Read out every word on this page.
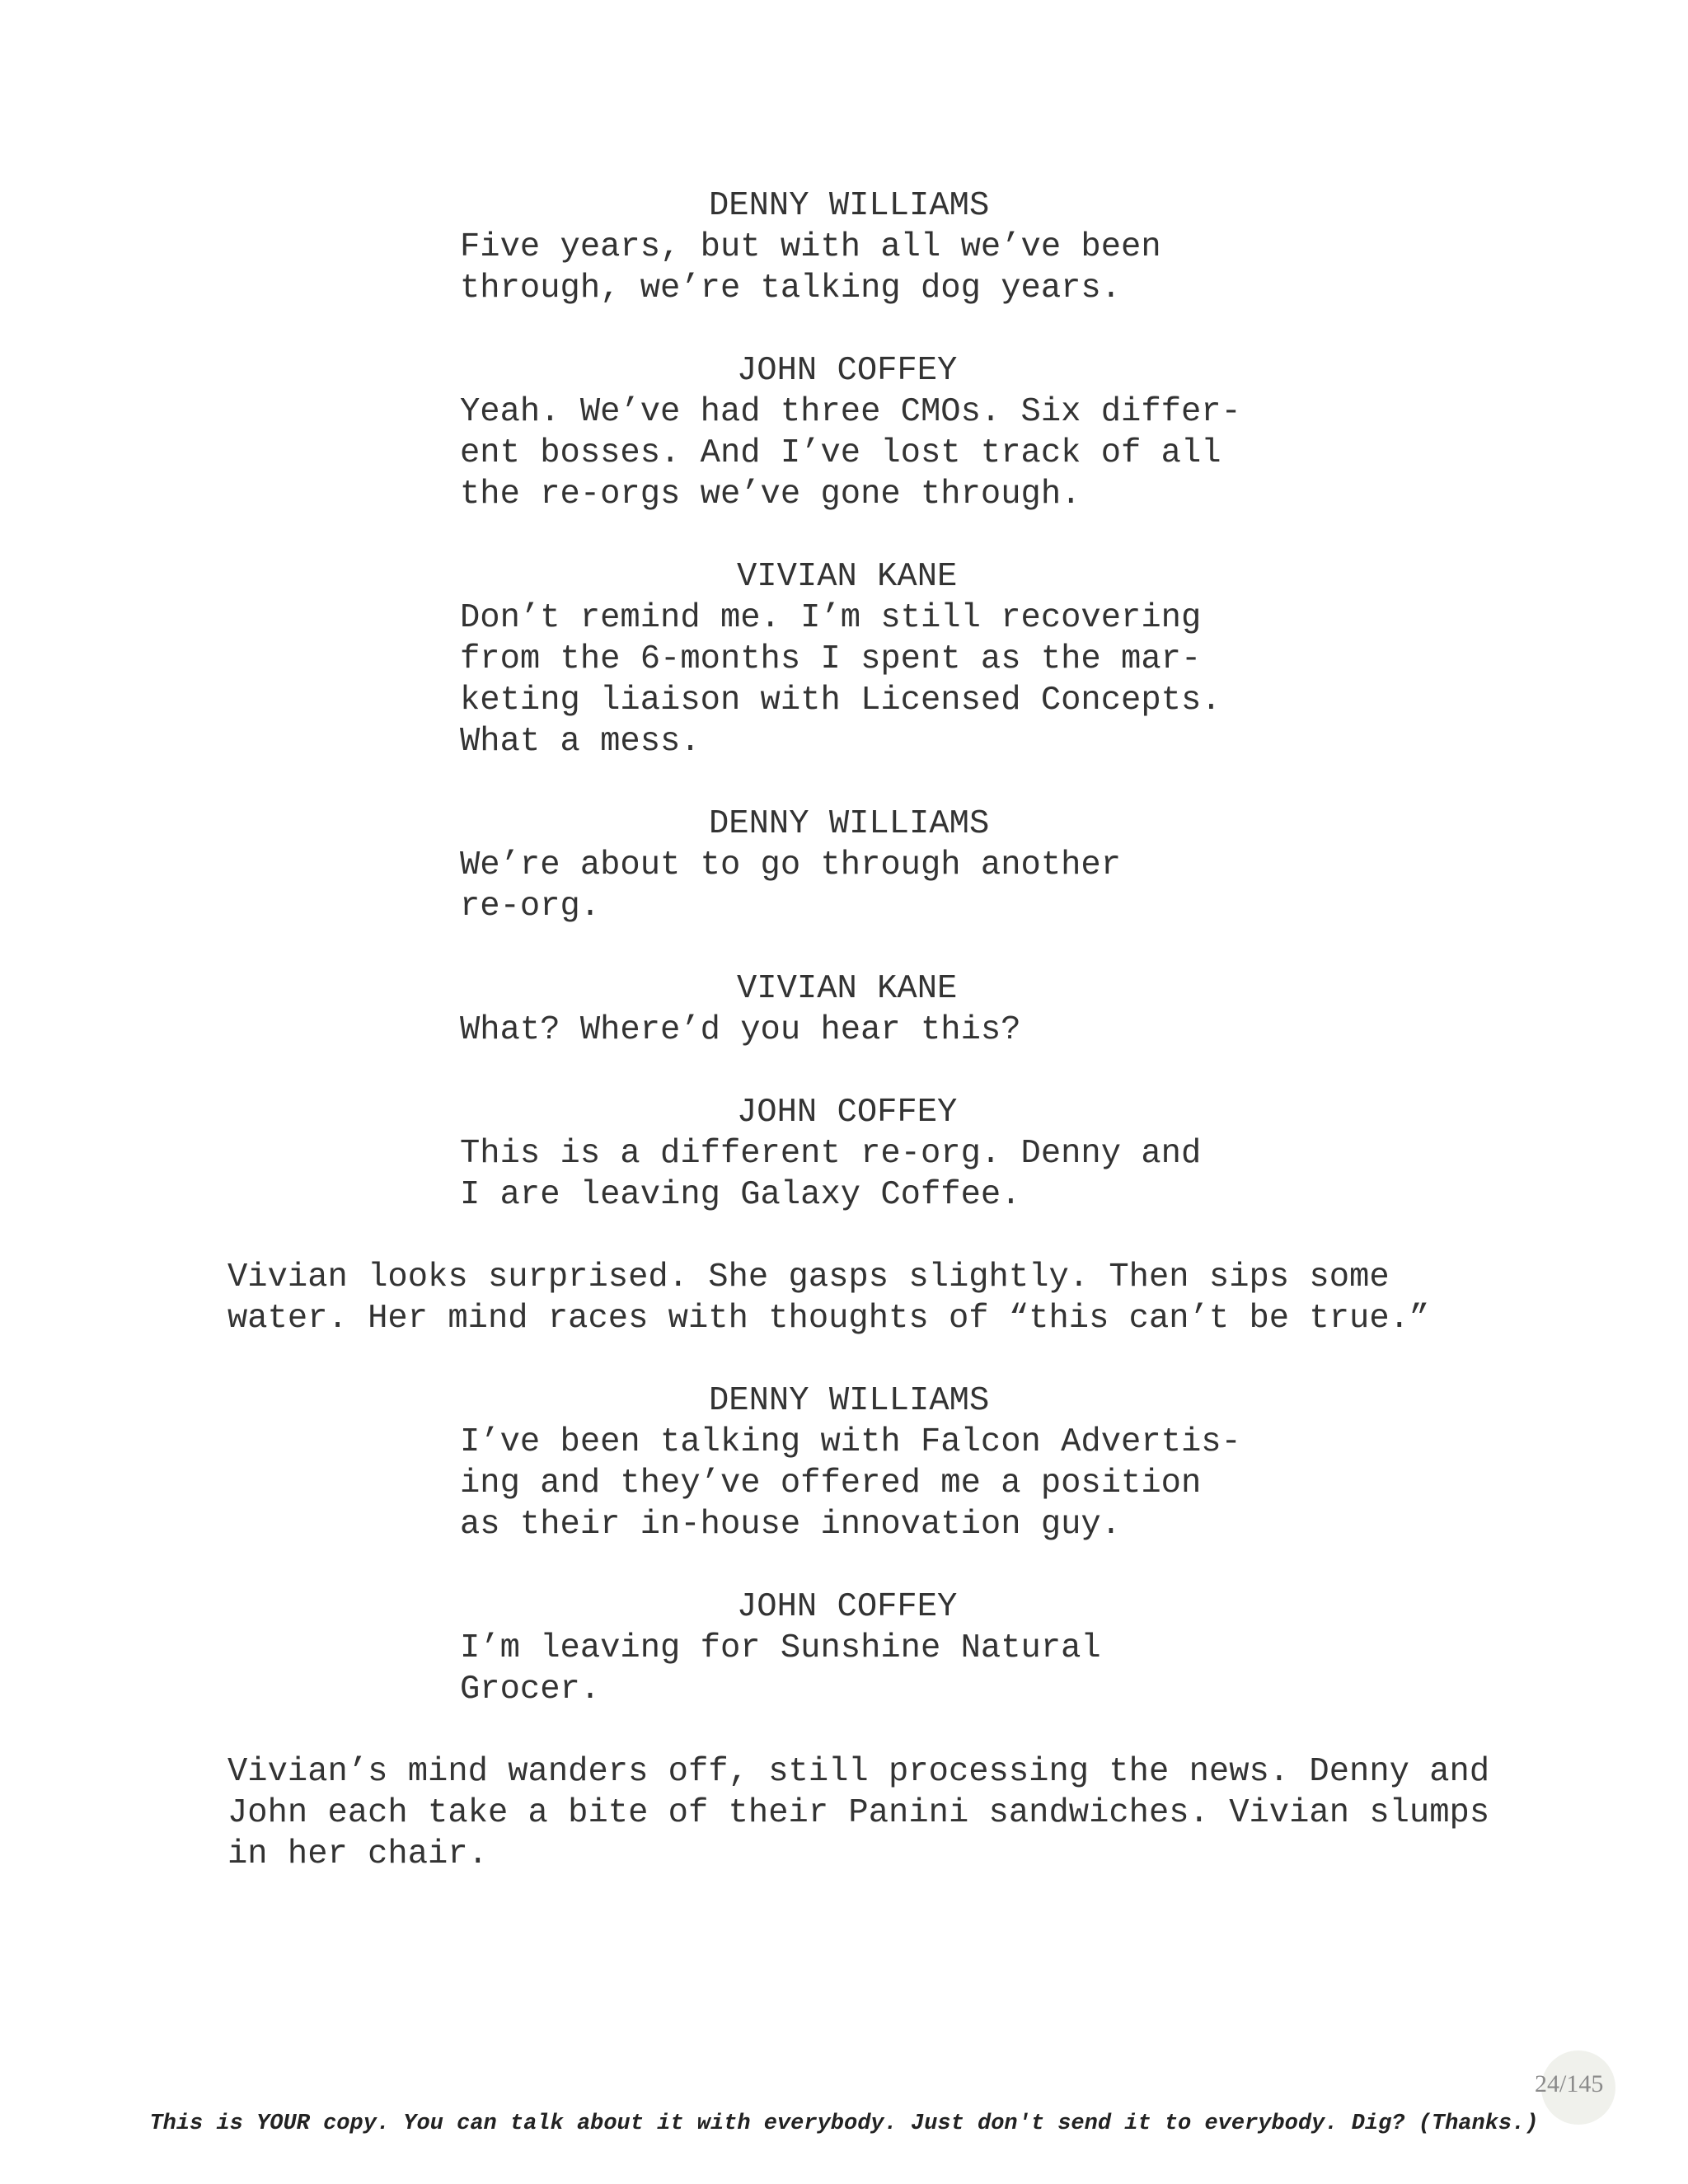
DENNY WILLIAMS
Five years, but with all we’ve been
through, we’re talking dog years.
JOHN COFFEY
Yeah. We’ve had three CMOs. Six differ-
ent bosses. And I’ve lost track of all
the re-orgs we’ve gone through.
VIVIAN KANE
Don’t remind me. I’m still recovering
from the 6-months I spent as the mar-
keting liaison with Licensed Concepts.
What a mess.
DENNY WILLIAMS
We’re about to go through another
re-org.
VIVIAN KANE
What? Where’d you hear this?
JOHN COFFEY
This is a different re-org. Denny and
I are leaving Galaxy Coffee.
Vivian looks surprised. She gasps slightly. Then sips some
water. Her mind races with thoughts of “this can’t be true.”
DENNY WILLIAMS
I’ve been talking with Falcon Advertis-
ing and they’ve offered me a position
as their in-house innovation guy.
JOHN COFFEY
I’m leaving for Sunshine Natural
Grocer.
Vivian’s mind wanders off, still processing the news. Denny and
John each take a bite of their Panini sandwiches. Vivian slumps
in her chair.
24/145
This is YOUR copy. You can talk about it with everybody. Just don't send it to everybody. Dig? (Thanks.)
